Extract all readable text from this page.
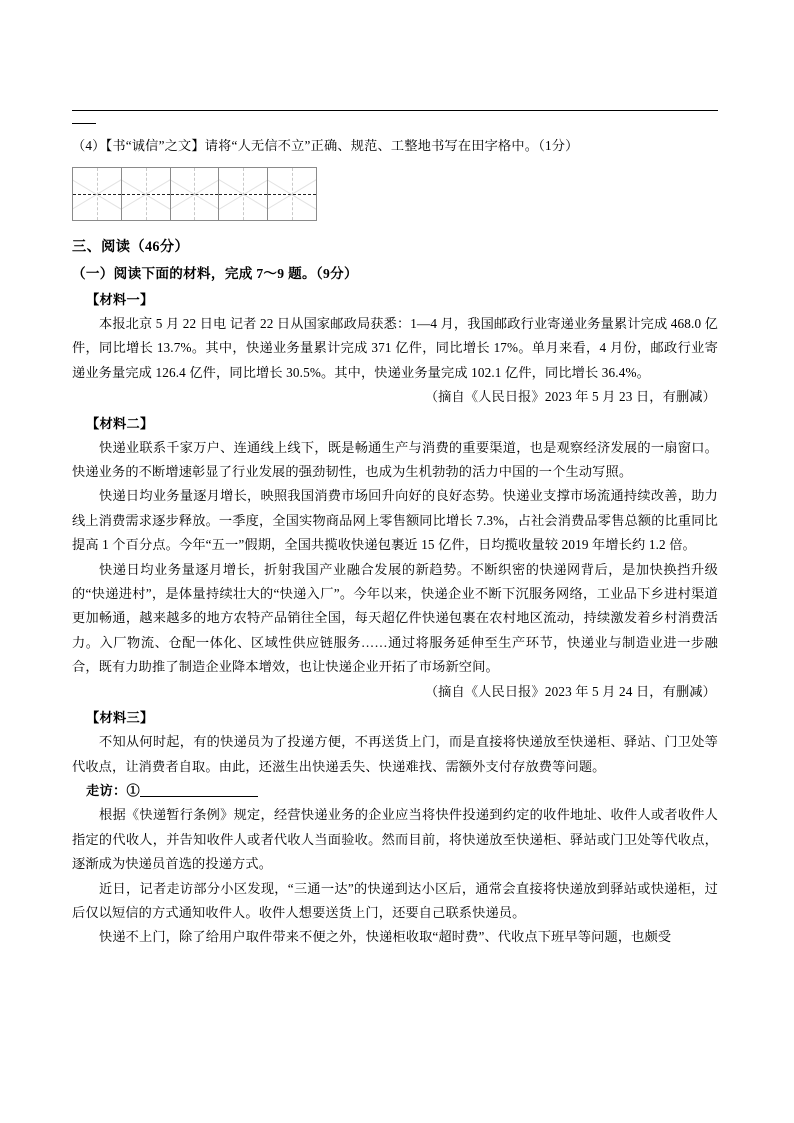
（4）【书“诚信”之文】请将“人无信不立”正确、规范、工整地书写在田字格中。（1分）
三、阅读（46分）
（一）阅读下面的材料，完成 7～9 题。（9分）
【材料一】

本报北京 5 月 22 日电 记者 22 日从国家邮政局获悉：1—4 月，我国邮政行业寄递业务量累计完成 468.0 亿件，同比增长 13.7%。其中，快递业务量累计完成 371 亿件，同比增长 17%。单月来看，4 月份，邮政行业寄递业务量完成 126.4 亿件，同比增长 30.5%。其中，快递业务量完成 102.1 亿件，同比增长 36.4%。

（摘自《人民日报》2023 年 5 月 23 日，有删减）

【材料二】

快递业联系千家万户、连通线上线下，既是畅通生产与消费的重要渠道，也是观察经济发展的一扇窗口。快递业务的不断增速彰显了行业发展的强劲韧性，也成为生机勃勃的活力中国的一个生动写照。

快递日均业务量逐月增长，映照我国消费市场回升向好的良好态势。快递业支撑市场流通持续改善，助力线上消费需求逐步释放。一季度，全国实物商品网上零售额同比增长 7.3%，占社会消费品零售总额的比重同比提高 1 个百分点。今年“五一”假期，全国共揽收快递包裹近 15 亿件，日均揽收量较 2019 年增长约 1.2 倍。

快递日均业务量逐月增长，折射我国产业融合发展的新趋势。不断织密的快递网背后，是加快换挡升级的“快递进村”，是体量持续壮大的“快递入厂”。今年以来，快递企业不断下沉服务网络，工业品下乡进村渠道更加畅通，越来越多的地方农特产品销往全国，每天超亿件快递包裹在农村地区流动，持续激发着乡村消费活力。入厂物流、仓配一体化、区域性供应链服务……通过将服务延伸至生产环节，快递业与制造业进一步融合，既有力助推了制造企业降本增效，也让快递企业开拓了市场新空间。

（摘自《人民日报》2023 年 5 月 24 日，有删减）

【材料三】

不知从何时起，有的快递员为了投递方便，不再送货上门，而是直接将快递放至快递柜、驿站、门卫处等代收点，让消费者自取。由此，还滋生出快递丢失、快递难找、需额外支付存放费等问题。

走访：①

根据《快递暂行条例》规定，经营快递业务的企业应当将快件投递到约定的收件地址、收件人或者收件人指定的代收人，并告知收件人或者代收人当面验收。然而目前，将快递放至快递柜、驿站或门卫处等代收点，逐渐成为快递员首选的投递方式。

近日，记者走访部分小区发现，“三通一达”的快递到达小区后，通常会直接将快递放到驿站或快递柜，过后仅以短信的方式通知收件人。收件人想要送货上门，还要自己联系快递员。

快递不上门，除了给用户取件带来不便之外，快递柜收取“超时费”、代收点下班早等问题，也颇受
